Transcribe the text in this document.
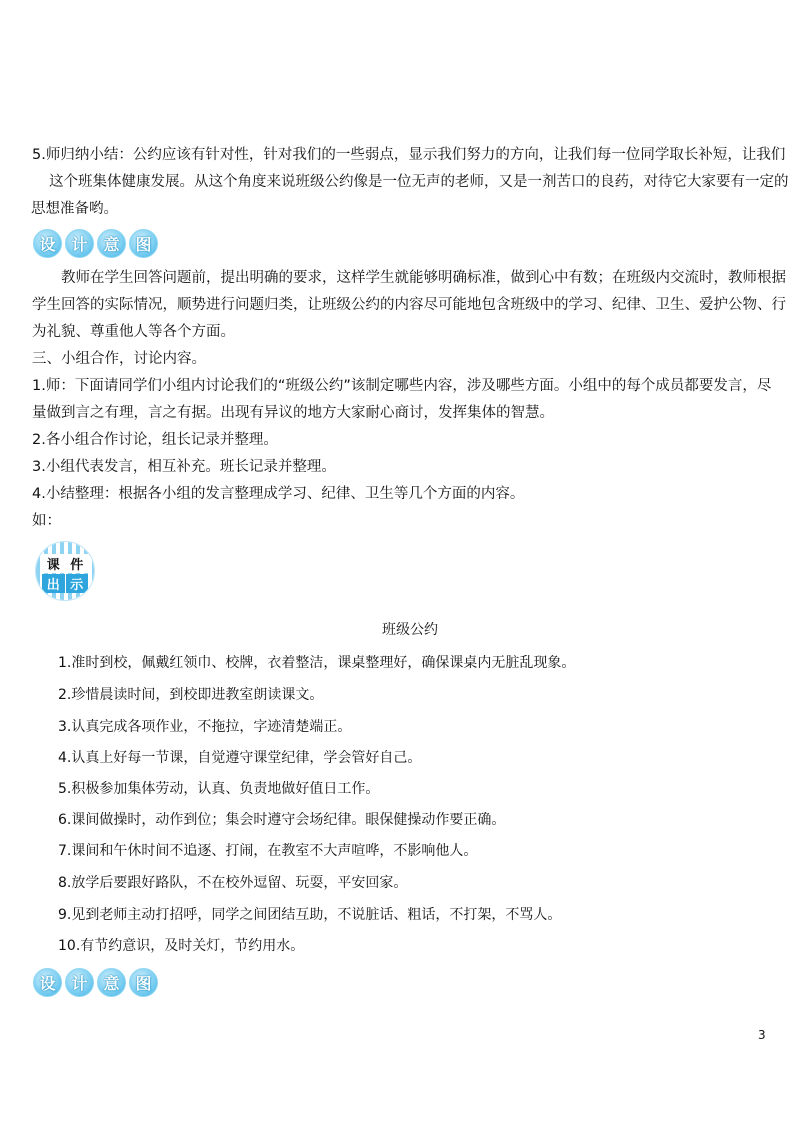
5.师归纳小结：公约应该有针对性，针对我们的一些弱点，显示我们努力的方向，让我们每一位同学取长补短，让我们
这个班集体健康发展。从这个角度来说班级公约像是一位无声的老师，又是一剂苦口的良药，对待它大家要有一定的
思想准备哟。
设 计 意 图
教师在学生回答问题前，提出明确的要求，这样学生就能够明确标准，做到心中有数；在班级内交流时，教师根据
学生回答的实际情况，顺势进行问题归类，让班级公约的内容尽可能地包含班级中的学习、纪律、卫生、爱护公物、行
为礼貌、尊重他人等各个方面。
三、小组合作，讨论内容。
1.师：下面请同学们小组内讨论我们的“班级公约”该制定哪些内容，涉及哪些方面。小组中的每个成员都要发言，尽
量做到言之有理，言之有据。出现有异议的地方大家耐心商讨，发挥集体的智慧。
2.各小组合作讨论，组长记录并整理。
3.小组代表发言，相互补充。班长记录并整理。
4.小结整理：根据各小组的发言整理成学习、纪律、卫生等几个方面的内容。
如：
课 件
出 示
班级公约
1.准时到校，佩戴红领巾、校牌，衣着整洁，课桌整理好，确保课桌内无脏乱现象。
2.珍惜晨读时间，到校即进教室朗读课文。
3.认真完成各项作业，不拖拉，字迹清楚端正。
4.认真上好每一节课，自觉遵守课堂纪律，学会管好自己。
5.积极参加集体劳动，认真、负责地做好值日工作。
6.课间做操时，动作到位；集会时遵守会场纪律。眼保健操动作要正确。
7.课间和午休时间不追逐、打闹，在教室不大声喧哗，不影响他人。
8.放学后要跟好路队，不在校外逗留、玩耍，平安回家。
9.见到老师主动打招呼，同学之间团结互助，不说脏话、粗话，不打架，不骂人。
10.有节约意识，及时关灯，节约用水。
设 计 意 图
3
